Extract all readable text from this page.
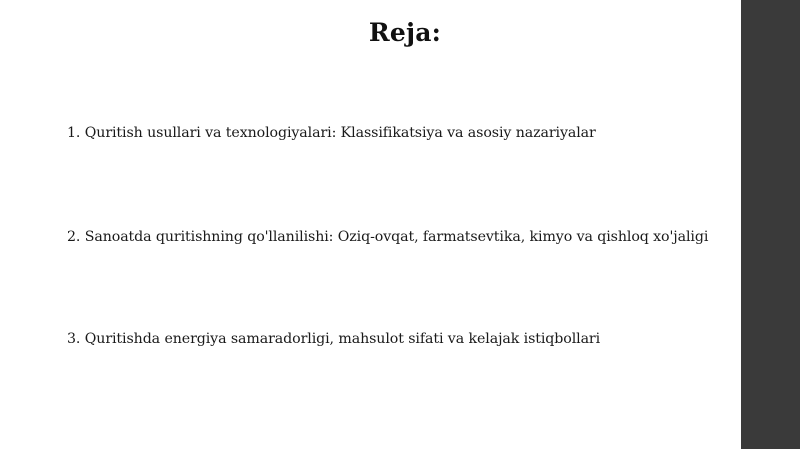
Reja:
1. Quritish usullari va texnologiyalari: Klassifikatsiya va asosiy nazariyalar
2. Sanoatda quritishning qo'llanilishi: Oziq-ovqat, farmatsevtika, kimyo va qishloq xo'jaligi
3. Quritishda energiya samaradorligi, mahsulot sifati va kelajak istiqbollari
